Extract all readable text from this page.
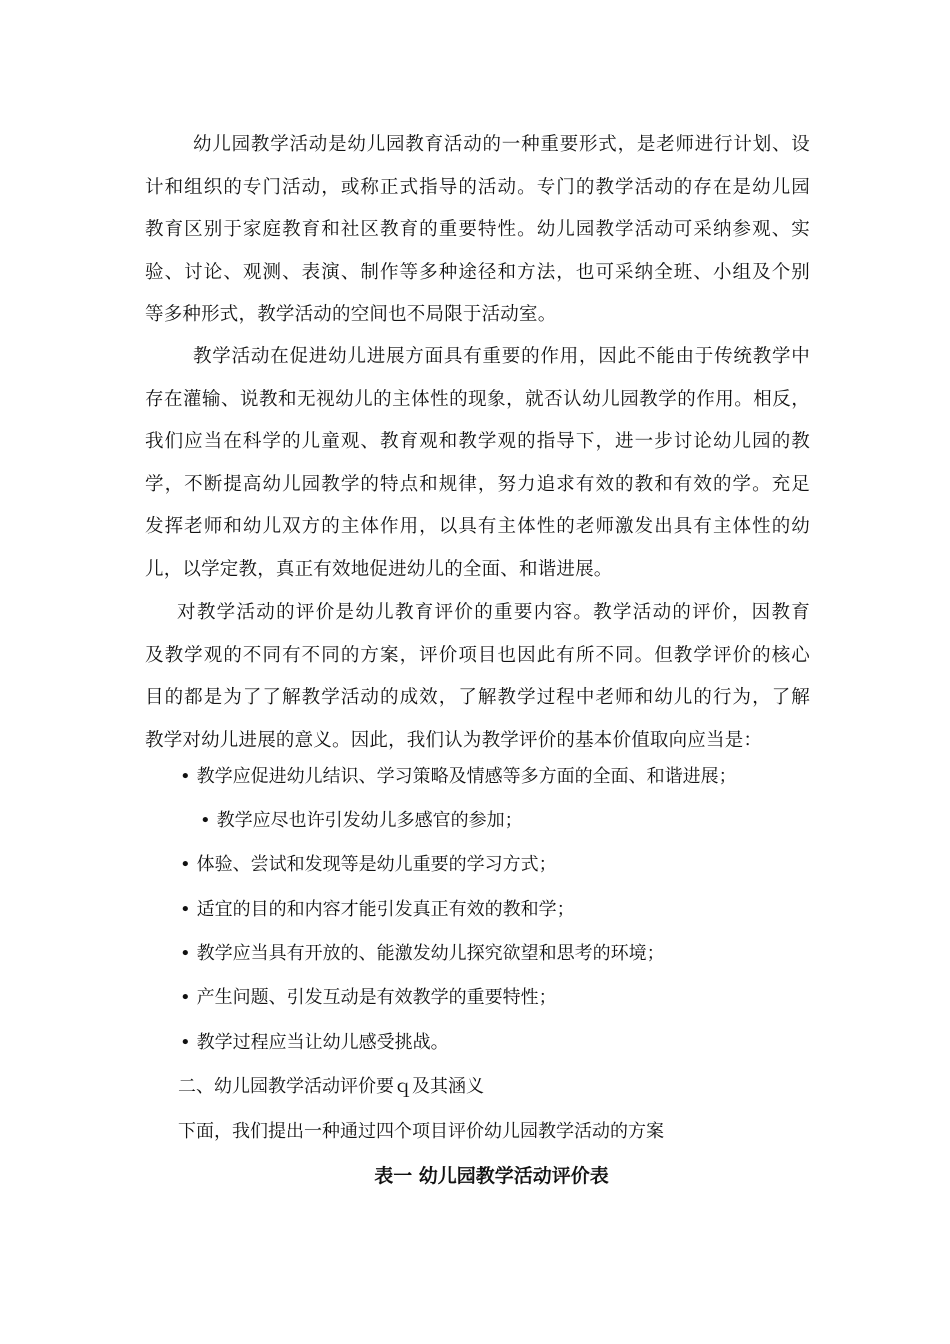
幼儿园教学活动是幼儿园教育活动的一种重要形式，是老师进行计划、设
计和组织的专门活动，或称正式指导的活动。专门的教学活动的存在是幼儿园
教育区别于家庭教育和社区教育的重要特性。幼儿园教学活动可采纳参观、实
验、讨论、观测、表演、制作等多种途径和方法，也可采纳全班、小组及个别
等多种形式，教学活动的空间也不局限于活动室。
教学活动在促进幼儿进展方面具有重要的作用，因此不能由于传统教学中
存在灌输、说教和无视幼儿的主体性的现象，就否认幼儿园教学的作用。相反，
我们应当在科学的儿童观、教育观和教学观的指导下，进一步讨论幼儿园的教
学，不断提高幼儿园教学的特点和规律，努力追求有效的教和有效的学。充足
发挥老师和幼儿双方的主体作用，以具有主体性的老师激发出具有主体性的幼
儿，以学定教，真正有效地促进幼儿的全面、和谐进展。
对教学活动的评价是幼儿教育评价的重要内容。教学活动的评价，因教育
及教学观的不同有不同的方案，评价项目也因此有所不同。但教学评价的核心
目的都是为了了解教学活动的成效，了解教学过程中老师和幼儿的行为，了解
教学对幼儿进展的意义。因此，我们认为教学评价的基本价值取向应当是：
• 教学应促进幼儿结识、学习策略及情感等多方面的全面、和谐进展；
• 教学应尽也许引发幼儿多感官的参加；
• 体验、尝试和发现等是幼儿重要的学习方式；
• 适宜的目的和内容才能引发真正有效的教和学；
• 教学应当具有开放的、能激发幼儿探究欲望和思考的环境；
• 产生问题、引发互动是有效教学的重要特性；
• 教学过程应当让幼儿感受挑战。
二、幼儿园教学活动评价要ｑ及其涵义
下面，我们提出一种通过四个项目评价幼儿园教学活动的方案
表一 幼儿园教学活动评价表
